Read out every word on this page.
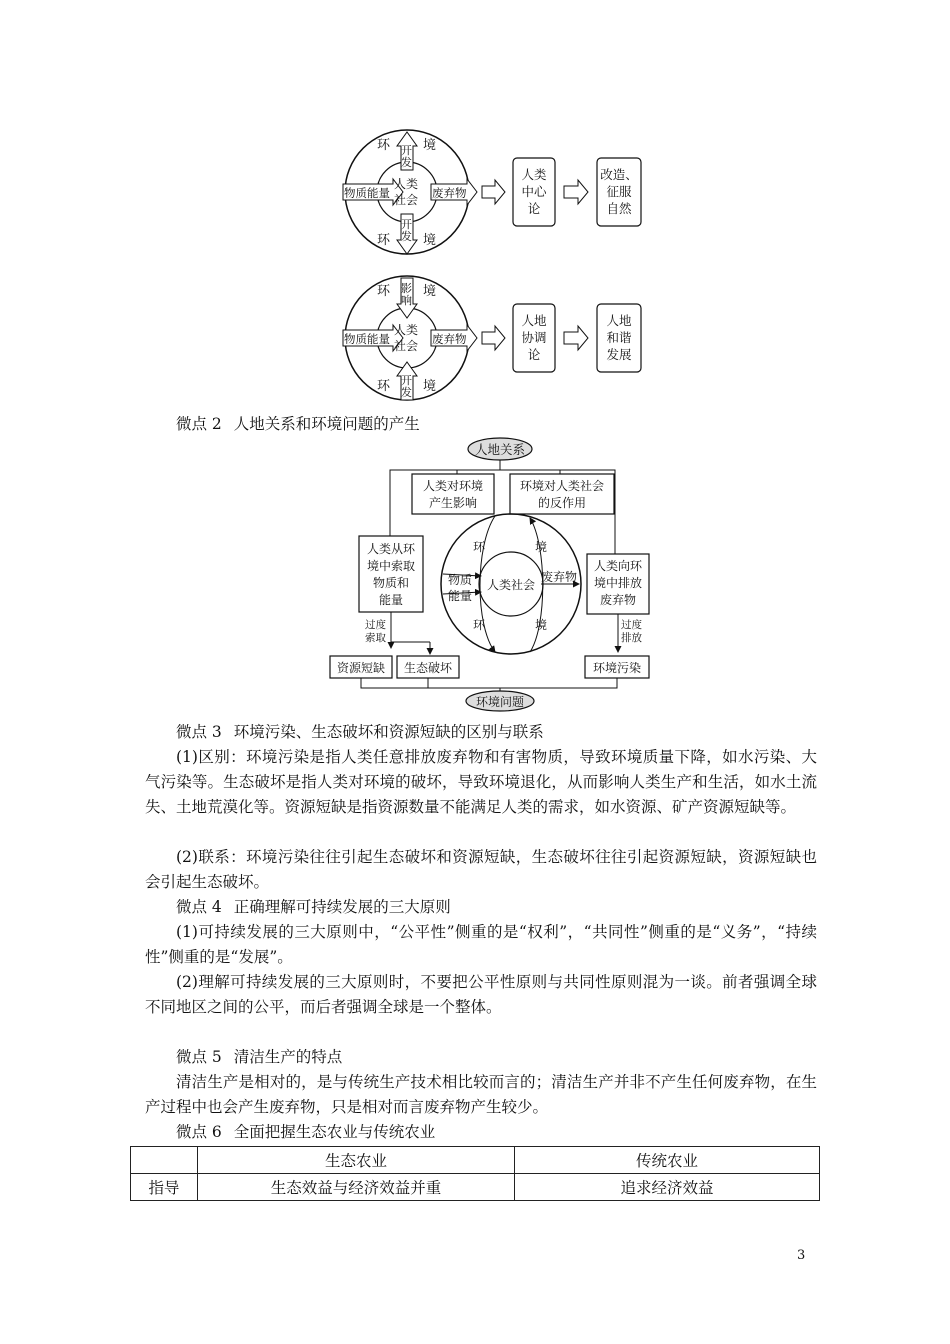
环	境
环	境
开
发
开
发
物质能量	废弃物
人类
社会
人类
中心
论
改造、
征服
自然
环	境
环	境
影
响
开
发
物质能量	废弃物
人类
社会
人地
协调
论
人地
和谐
发展
微点 2 人地关系和环境问题的产生
人地关系
人类对环境
产生影响
环境对人类社会
的反作用
环	境
环	境
物质
能量
人类社会
废弃物
人类从环
境中索取
物质和
能量
人类向环
境中排放
废弃物
过度
索取
过度
排放
资源短缺 生态破坏	环境污染
环境问题
微点 3 环境污染、生态破坏和资源短缺的区别与联系
(1)区别：环境污染是指人类任意排放废弃物和有害物质，导致环境质量下降，如水污染、大气污染等。生态破坏是指人类对环境的破坏，导致环境退化，从而影响人类生产和生活，如水土流失、土地荒漠化等。资源短缺是指资源数量不能满足人类的需求，如水资源、矿产资源短缺等。
(2)联系：环境污染往往引起生态破坏和资源短缺，生态破坏往往引起资源短缺，资源短缺也会引起生态破坏。
微点 4 正确理解可持续发展的三大原则
(1)可持续发展的三大原则中，“公平性”侧重的是“权利”，“共同性”侧重的是“义务”，“持续性”侧重的是“发展”。
(2)理解可持续发展的三大原则时，不要把公平性原则与共同性原则混为一谈。前者强调全球不同地区之间的公平，而后者强调全球是一个整体。
微点 5 清洁生产的特点
清洁生产是相对的，是与传统生产技术相比较而言的；清洁生产并非不产生任何废弃物，在生产过程中也会产生废弃物，只是相对而言废弃物产生较少。
微点 6 全面把握生态农业与传统农业
	生态农业	传统农业
指导	生态效益与经济效益并重	追求经济效益
3
